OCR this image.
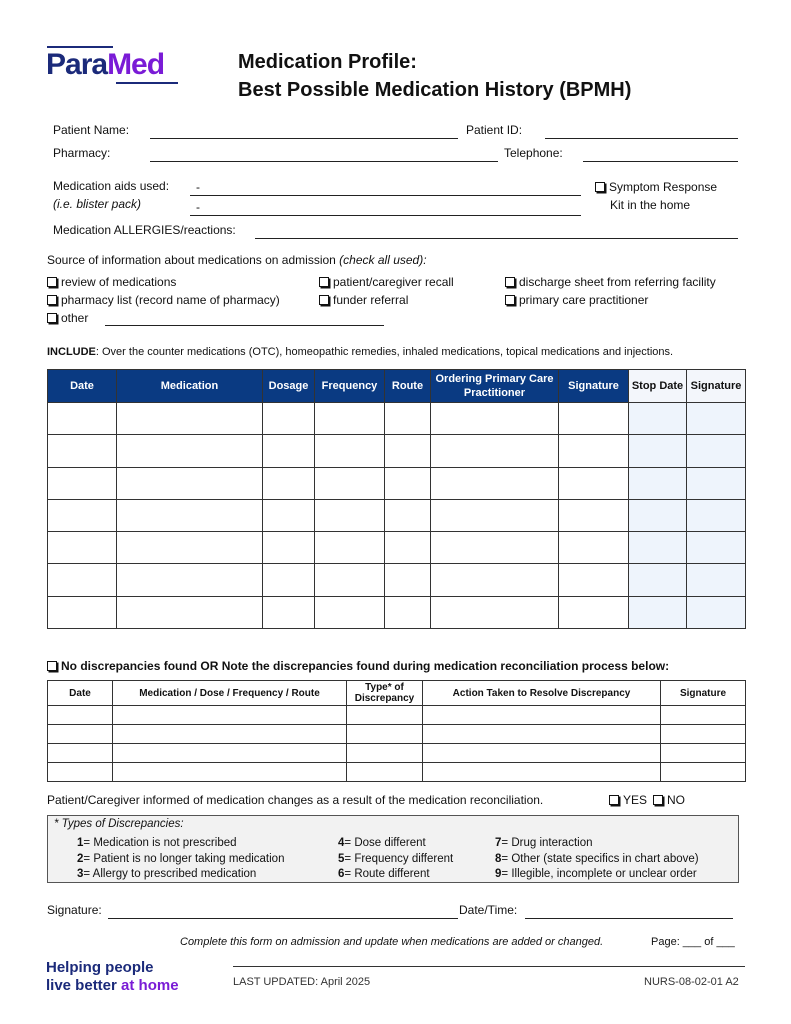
ParaMed	Medication Profile:
Best Possible Medication History (BPMH)
Patient Name:	Patient ID:
Pharmacy:	Telephone:
Medication aids used:
(i.e. blister pack)
-
-
Symptom Response
Kit in the home
Medication ALLERGIES/reactions:
Source of information about medications on admission (check all used):
review of medications	patient/caregiver recall	discharge sheet from referring facility
pharmacy list (record name of pharmacy)	funder referral	primary care practitioner
other
INCLUDE: Over the counter medications (OTC), homeopathic remedies, inhaled medications, topical medications and injections.
Date	Medication	Dosage	Frequency	Route	Ordering Primary Care Practitioner	Signature	Stop Date	Signature

No discrepancies found OR Note the discrepancies found during medication reconciliation process below:
Date	Medication / Dose / Frequency / Route	Type* of Discrepancy	Action Taken to Resolve Discrepancy	Signature

Patient/Caregiver informed of medication changes as a result of the medication reconciliation.	YES	NO
* Types of Discrepancies:
1= Medication is not prescribed
2= Patient is no longer taking medication
3= Allergy to prescribed medication
4= Dose different
5= Frequency different
6= Route different
7= Drug interaction
8= Other (state specifics in chart above)
9= Illegible, incomplete or unclear order
Signature:	Date/Time:
Complete this form on admission and update when medications are added or changed.	Page: ___ of ___
Helping people
live better at home	LAST UPDATED: April 2025	NURS-08-02-01 A2
